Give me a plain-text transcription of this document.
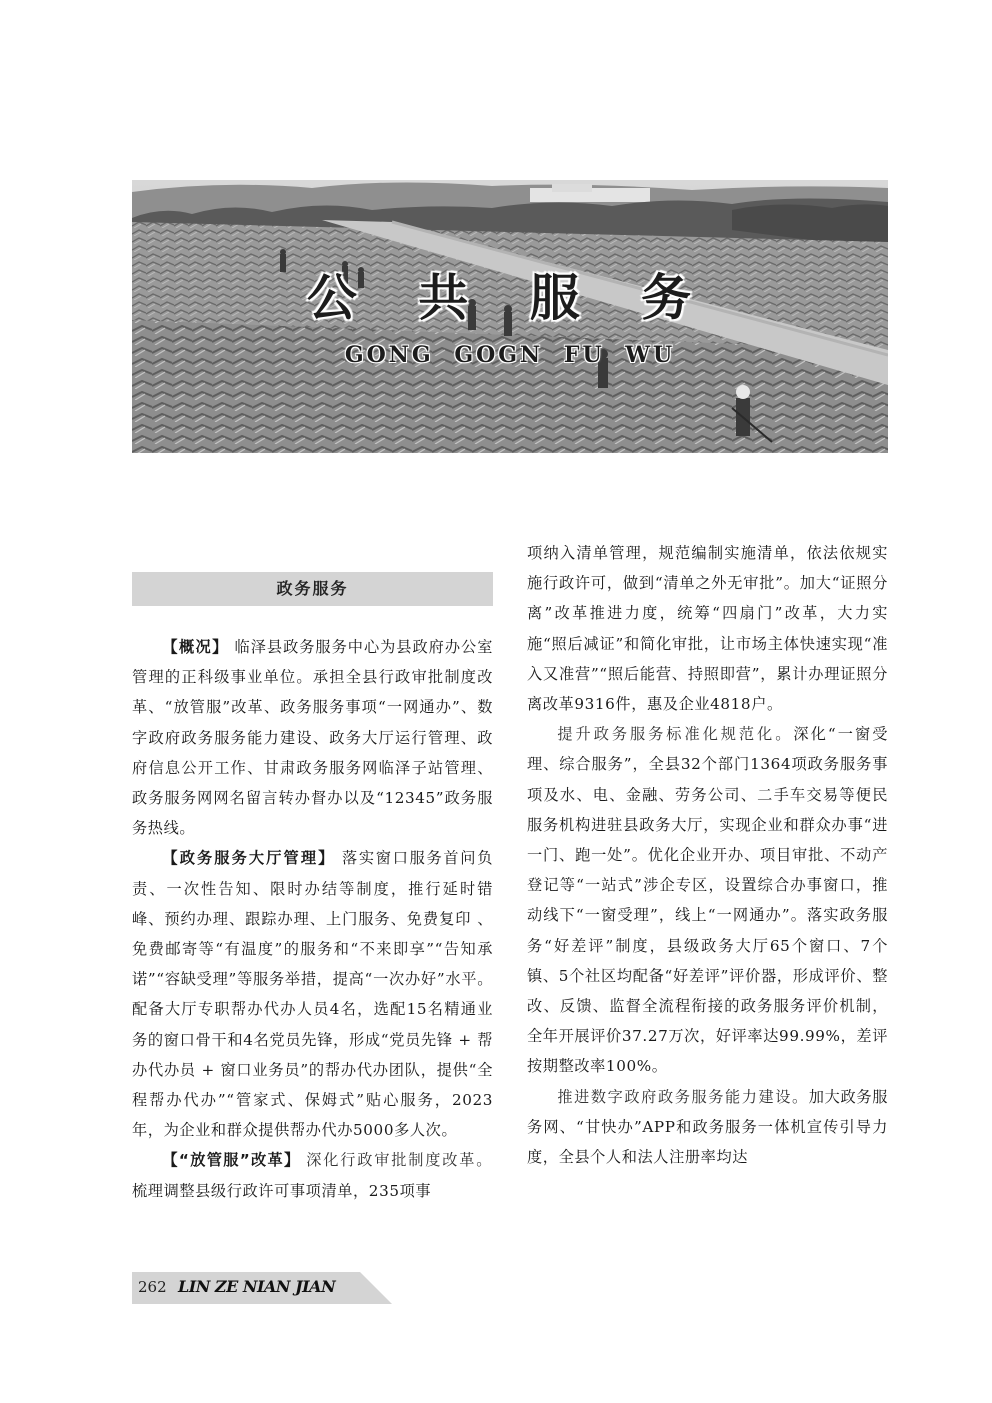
公 共 服 务
GONG GOGN FU WU
政务服务

【概况】 临泽县政务服务中心为县政府办公室管理的正科级事业单位。承担全县行政审批制度改革、“放管服”改革、政务服务事项“一网通办”、数字政府政务服务能力建设、政务大厅运行管理、政府信息公开工作、甘肃政务服务网临泽子站管理、政务服务网网名留言转办督办以及“12345”政务服务热线。

【政务服务大厅管理】 落实窗口服务首问负责、一次性告知、限时办结等制度，推行延时错峰、预约办理、跟踪办理、上门服务、免费复印 、免费邮寄等“有温度”的服务和“不来即享”“告知承诺”“容缺受理”等服务举措，提高“一次办好”水平。配备大厅专职帮办代办人员4名，选配15名精通业务的窗口骨干和4名党员先锋，形成“党员先锋 + 帮办代办员 + 窗口业务员”的帮办代办团队，提供“全程帮办代办”“管家式、保姆式”贴心服务，2023年，为企业和群众提供帮办代办5000多人次。

【“放管服”改革】 深化行政审批制度改革。梳理调整县级行政许可事项清单，235项事

项纳入清单管理，规范编制实施清单，依法依规实施行政许可，做到“清单之外无审批”。加大“证照分离”改革推进力度，统筹“四扇门”改革，大力实施“照后减证”和简化审批，让市场主体快速实现“准入又准营”“照后能营、持照即营”，累计办理证照分离改革9316件，惠及企业4818户。

提升政务服务标准化规范化。深化“一窗受理、综合服务”，全县32个部门1364项政务服务事项及水、电、金融、劳务公司、二手车交易等便民服务机构进驻县政务大厅，实现企业和群众办事“进一门、跑一处”。优化企业开办、项目审批、不动产登记等“一站式”涉企专区，设置综合办事窗口，推动线下“一窗受理”，线上“一网通办”。落实政务服务“好差评”制度，县级政务大厅65个窗口、7个镇、5个社区均配备“好差评”评价器，形成评价、整改、反馈、监督全流程衔接的政务服务评价机制，全年开展评价37.27万次，好评率达99.99%，差评按期整改率100%。

推进数字政府政务服务能力建设。加大政务服务网、“甘快办”APP和政务服务一体机宣传引导力度，全县个人和法人注册率均达

262 LIN ZE NIAN JIAN
